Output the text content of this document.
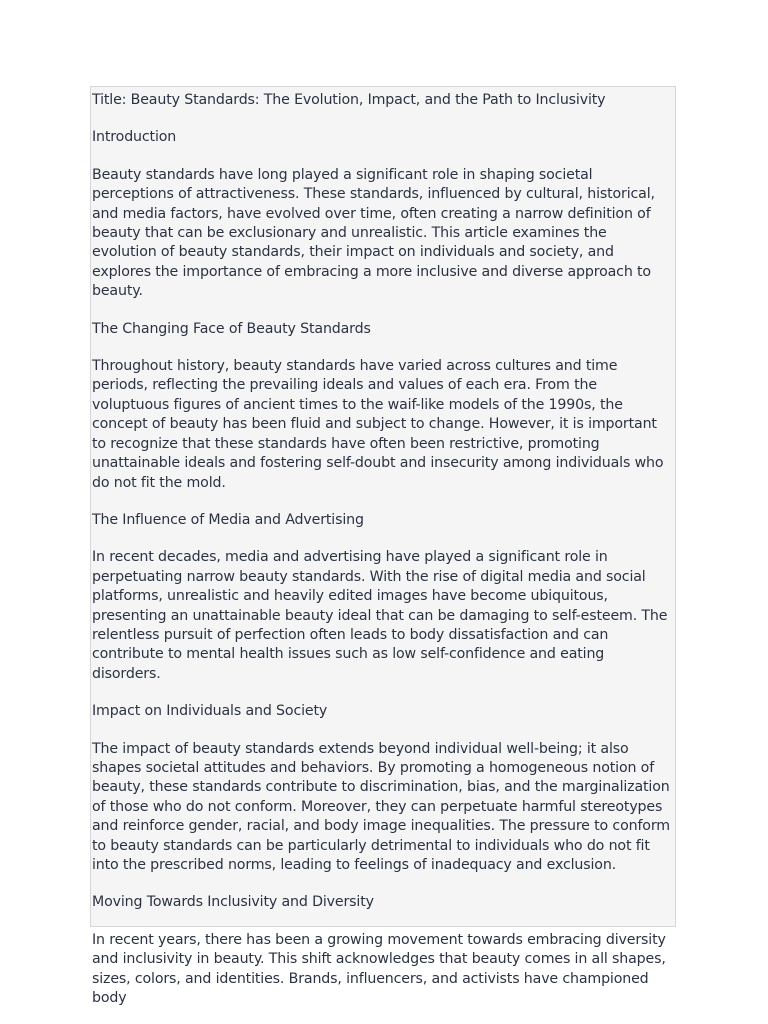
Title: Beauty Standards: The Evolution, Impact, and the Path to Inclusivity

Introduction

Beauty standards have long played a significant role in shaping societal perceptions of attractiveness. These standards, influenced by cultural, historical, and media factors, have evolved over time, often creating a narrow definition of beauty that can be exclusionary and unrealistic. This article examines the evolution of beauty standards, their impact on individuals and society, and explores the importance of embracing a more inclusive and diverse approach to beauty.

The Changing Face of Beauty Standards

Throughout history, beauty standards have varied across cultures and time periods, reflecting the prevailing ideals and values of each era. From the voluptuous figures of ancient times to the waif-like models of the 1990s, the concept of beauty has been fluid and subject to change. However, it is important to recognize that these standards have often been restrictive, promoting unattainable ideals and fostering self-doubt and insecurity among individuals who do not fit the mold.

The Influence of Media and Advertising

In recent decades, media and advertising have played a significant role in perpetuating narrow beauty standards. With the rise of digital media and social platforms, unrealistic and heavily edited images have become ubiquitous, presenting an unattainable beauty ideal that can be damaging to self-esteem. The relentless pursuit of perfection often leads to body dissatisfaction and can contribute to mental health issues such as low self-confidence and eating disorders.

Impact on Individuals and Society

The impact of beauty standards extends beyond individual well-being; it also shapes societal attitudes and behaviors. By promoting a homogeneous notion of beauty, these standards contribute to discrimination, bias, and the marginalization of those who do not conform. Moreover, they can perpetuate harmful stereotypes and reinforce gender, racial, and body image inequalities. The pressure to conform to beauty standards can be particularly detrimental to individuals who do not fit into the prescribed norms, leading to feelings of inadequacy and exclusion.

Moving Towards Inclusivity and Diversity

In recent years, there has been a growing movement towards embracing diversity and inclusivity in beauty. This shift acknowledges that beauty comes in all shapes, sizes, colors, and identities. Brands, influencers, and activists have championed body
